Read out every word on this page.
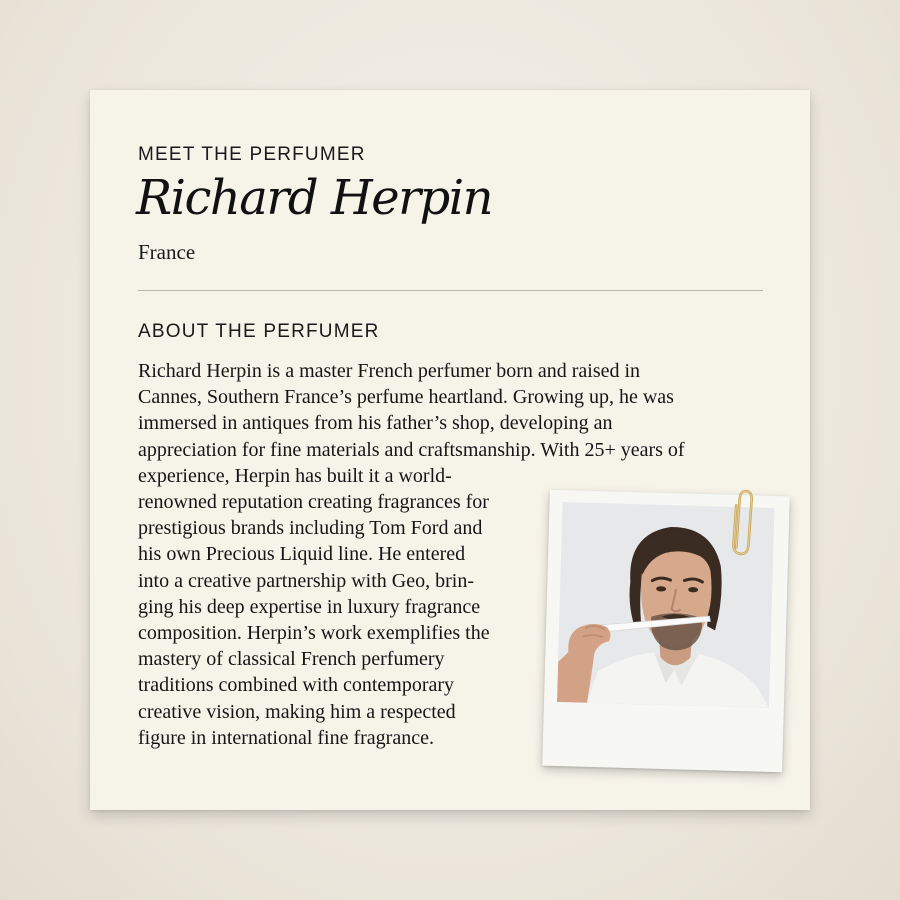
MEET THE PERFUMER
Richard Herpin
France
ABOUT THE PERFUMER
Richard Herpin is a master French perfumer born and raised in
Cannes, Southern France’s perfume heartland. Growing up, he was
immersed in antiques from his father’s shop, developing an
appreciation for fine materials and craftsmanship. With 25+ years of
experience, Herpin has built it a world-
renowned reputation creating fragrances for
prestigious brands including Tom Ford and
his own Precious Liquid line. He entered
into a creative partnership with Geo, brin-
ging his deep expertise in luxury fragrance
composition. Herpin’s work exemplifies the
mastery of classical French perfumery
traditions combined with contemporary
creative vision, making him a respected
figure in international fine fragrance.
